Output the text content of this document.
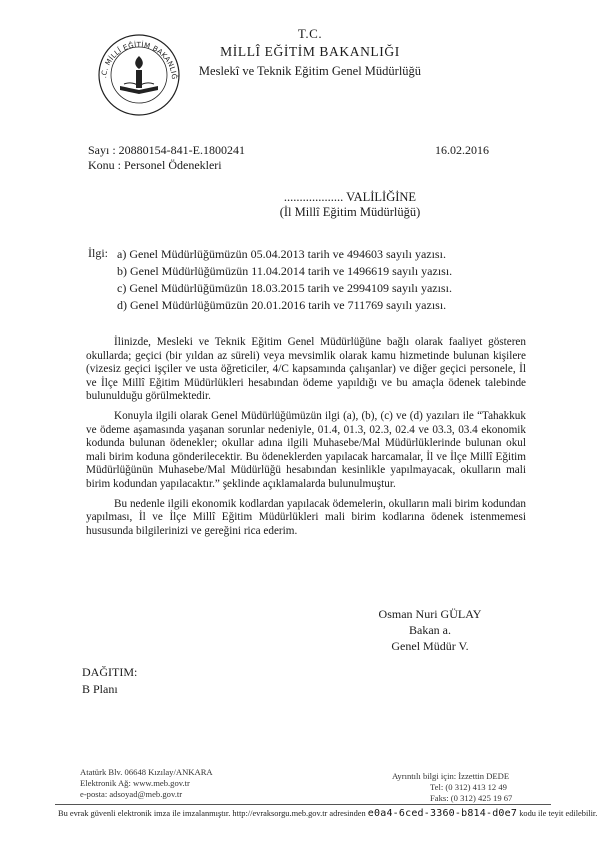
.C. MİLLÎ EĞİTİM BAKANLIĞ
T.C.
MİLLÎ EĞİTİM BAKANLIĞI
Meslekî ve Teknik Eğitim Genel Müdürlüğü
Sayı : 20880154-841-E.1800241
Konu : Personel Ödenekleri
16.02.2016
................... VALİLİĞİNE
(İl Millî Eğitim Müdürlüğü)
İlgi: a) Genel Müdürlüğümüzün 05.04.2013 tarih ve 494603 sayılı yazısı.
b) Genel Müdürlüğümüzün 11.04.2014 tarih ve 1496619 sayılı yazısı.
c) Genel Müdürlüğümüzün 18.03.2015 tarih ve 2994109 sayılı yazısı.
d) Genel Müdürlüğümüzün 20.01.2016 tarih ve 711769 sayılı yazısı.

İlinizde, Mesleki ve Teknik Eğitim Genel Müdürlüğüne bağlı olarak faaliyet gösteren okullarda; geçici (bir yıldan az süreli) veya mevsimlik olarak kamu hizmetinde bulunan kişilere (vizesiz geçici işçiler ve usta öğreticiler, 4/C kapsamında çalışanlar) ve diğer geçici personele, İl ve İlçe Millî Eğitim Müdürlükleri hesabından ödeme yapıldığı ve bu amaçla ödenek talebinde bulunulduğu görülmektedir.

Konuyla ilgili olarak Genel Müdürlüğümüzün ilgi (a), (b), (c) ve (d) yazıları ile “Tahakkuk ve ödeme aşamasında yaşanan sorunlar nedeniyle, 01.4, 01.3, 02.3, 02.4 ve 03.3, 03.4 ekonomik kodunda bulunan ödenekler; okullar adına ilgili Muhasebe/Mal Müdürlüklerinde bulunan okul mali birim koduna gönderilecektir. Bu ödeneklerden yapılacak harcamalar, İl ve İlçe Millî Eğitim Müdürlüğünün Muhasebe/Mal Müdürlüğü hesabından kesinlikle yapılmayacak, okulların mali birim kodundan yapılacaktır.” şeklinde açıklamalarda bulunulmuştur.

Bu nedenle ilgili ekonomik kodlardan yapılacak ödemelerin, okulların mali birim kodundan yapılması, İl ve İlçe Millî Eğitim Müdürlükleri mali birim kodlarına ödenek istenmemesi hususunda bilgilerinizi ve gereğini rica ederim.

Osman Nuri GÜLAY
Bakan a.
Genel Müdür V.
DAĞITIM:
B Planı
Atatürk Blv. 06648 Kızılay/ANKARA
Elektronik Ağ: www.meb.gov.tr
e-posta: adsoyad@meb.gov.tr
Ayrıntılı bilgi için: İzzettin DEDE
Tel: (0 312) 413 12 49
Faks: (0 312) 425 19 67
Bu evrak güvenli elektronik imza ile imzalanmıştır. http://evraksorgu.meb.gov.tr adresinden e0a4-6ced-3360-b814-d0e7 kodu ile teyit edilebilir.
